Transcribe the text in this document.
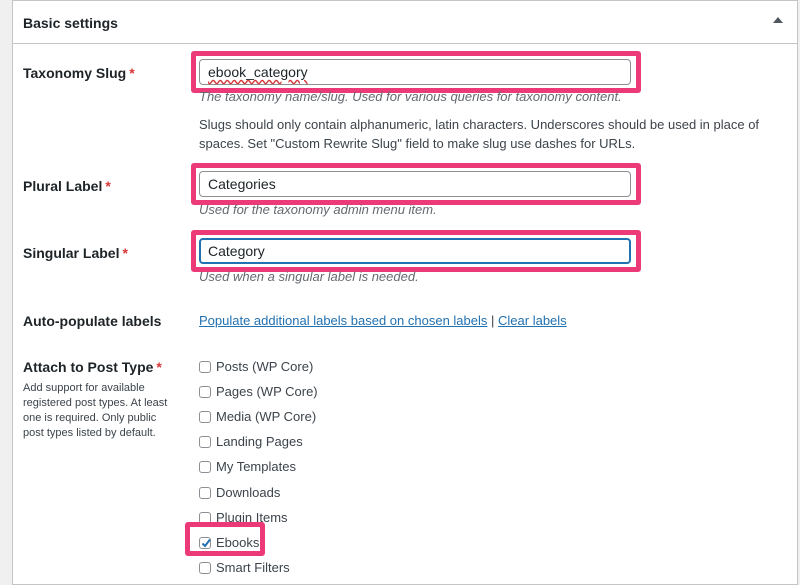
Basic settings
Taxonomy Slug *	ebook_category
The taxonomy name/slug. Used for various queries for taxonomy content.
Slugs should only contain alphanumeric, latin characters. Underscores should be used in place of spaces. Set "Custom Rewrite Slug" field to make slug use dashes for URLs.
Plural Label *	Categories
Used for the taxonomy admin menu item.
Singular Label *	Category
Used when a singular label is needed.
Auto-populate labels	Populate additional labels based on chosen labels | Clear labels
Attach to Post Type *
Add support for available registered post types. At least one is required. Only public post types listed by default.
Posts (WP Core)
Pages (WP Core)
Media (WP Core)
Landing Pages
My Templates
Downloads
Plugin Items
Ebooks
Smart Filters
